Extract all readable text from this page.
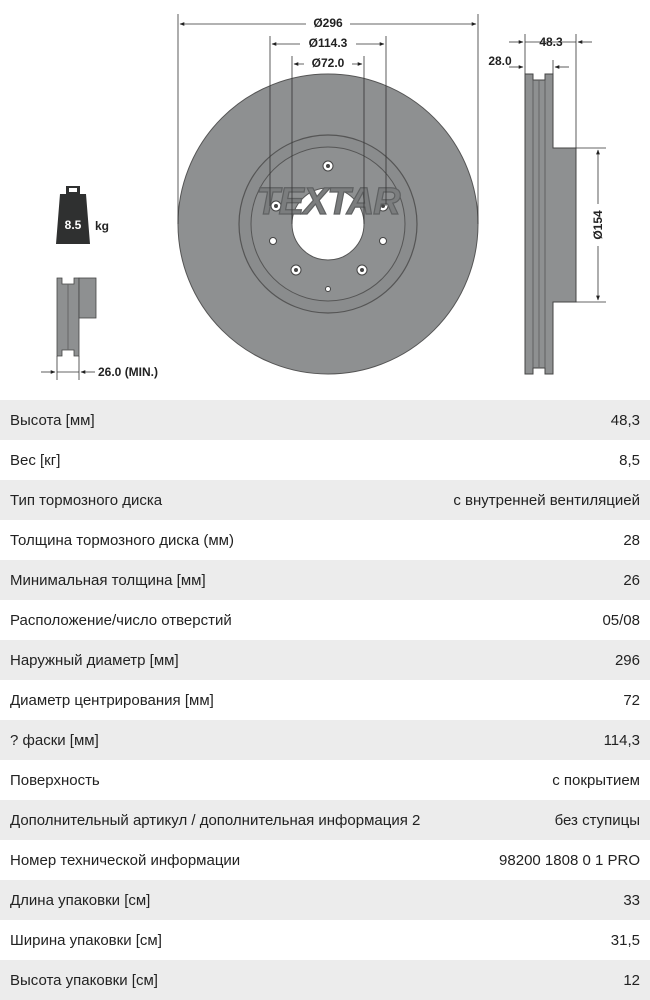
TEXTAR
Ø296
Ø114.3
Ø72.0
48.3
28.0
Ø154
8.5 kg
26.0 (MIN.)
Высота [мм]	48,3
Вес [кг]	8,5
Тип тормозного диска	с внутренней вентиляцией
Толщина тормозного диска (мм)	28
Минимальная толщина [мм]	26
Расположение/число отверстий	05/08
Наружный диаметр [мм]	296
Диаметр центрирования [мм]	72
? фаски [мм]	114,3
Поверхность	с покрытием
Дополнительный артикул / дополнительная информация 2	без ступицы
Номер технической информации	98200 1808 0 1 PRO
Длина упаковки [см]	33
Ширина упаковки [см]	31,5
Высота упаковки [см]	12
